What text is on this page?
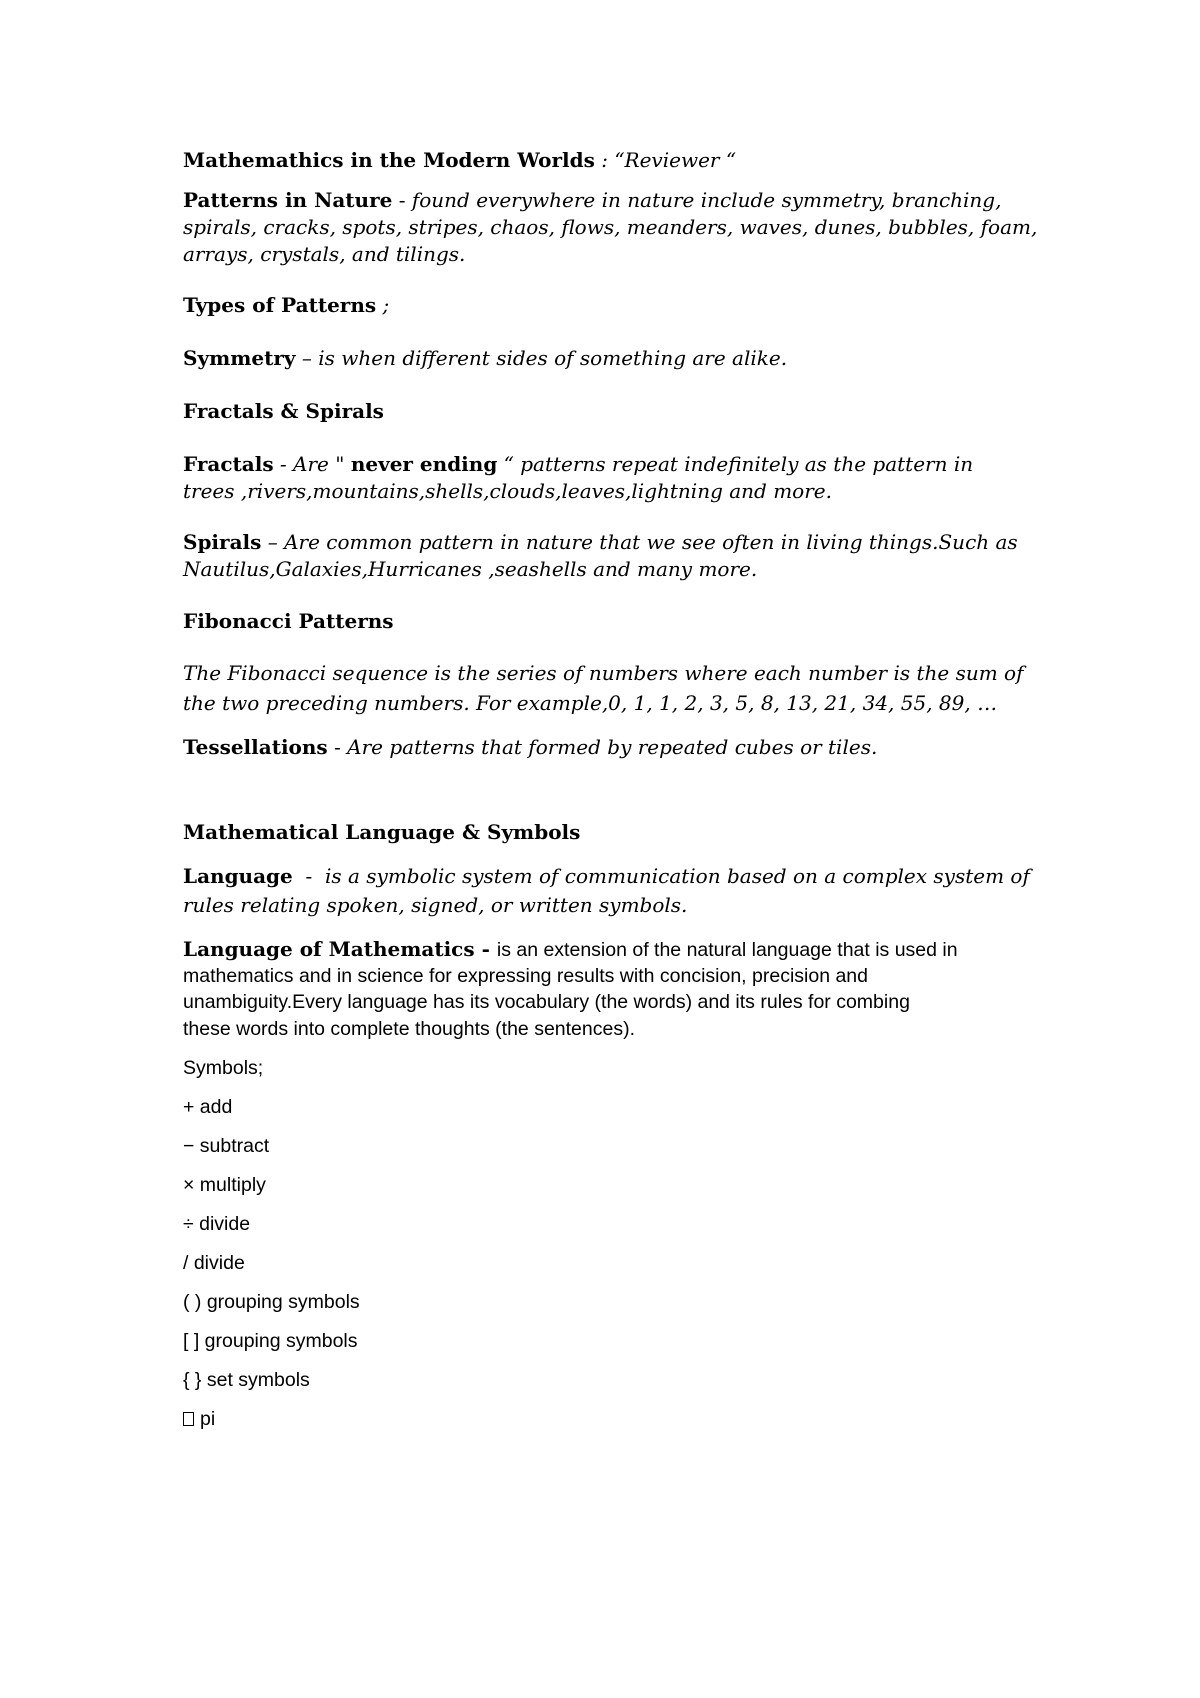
Mathemathics in the Modern Worlds : “Reviewer “

Patterns in Nature - found everywhere in nature include symmetry, branching,

spirals, cracks, spots, stripes, chaos, flows, meanders, waves, dunes, bubbles, foam,

arrays, crystals, and tilings.

Types of Patterns ;

Symmetry – is when different sides of something are alike.

Fractals & Spirals

Fractals - Are " never ending “ patterns repeat indefinitely as the pattern in

trees ,rivers,mountains,shells,clouds,leaves,lightning and more.

Spirals – Are common pattern in nature that we see often in living things.Such as

Nautilus,Galaxies,Hurricanes ,seashells and many more.

Fibonacci Patterns

The Fibonacci sequence is the series of numbers where each number is the sum of

the two preceding numbers. For example,0, 1, 1, 2, 3, 5, 8, 13, 21, 34, 55, 89, …

Tessellations - Are patterns that formed by repeated cubes or tiles.

Mathematical Language & Symbols

Language  -  is a symbolic system of communication based on a complex system of

rules relating spoken, signed, or written symbols.

Language of Mathematics - is an extension of the natural language that is used in

mathematics and in science for expressing results with concision, precision and

unambiguity.Every language has its vocabulary (the words) and its rules for combing

these words into complete thoughts (the sentences).

Symbols;

+ add

− subtract

× multiply

÷ divide

/ divide

( ) grouping symbols

[ ] grouping symbols

{ } set symbols

pi
